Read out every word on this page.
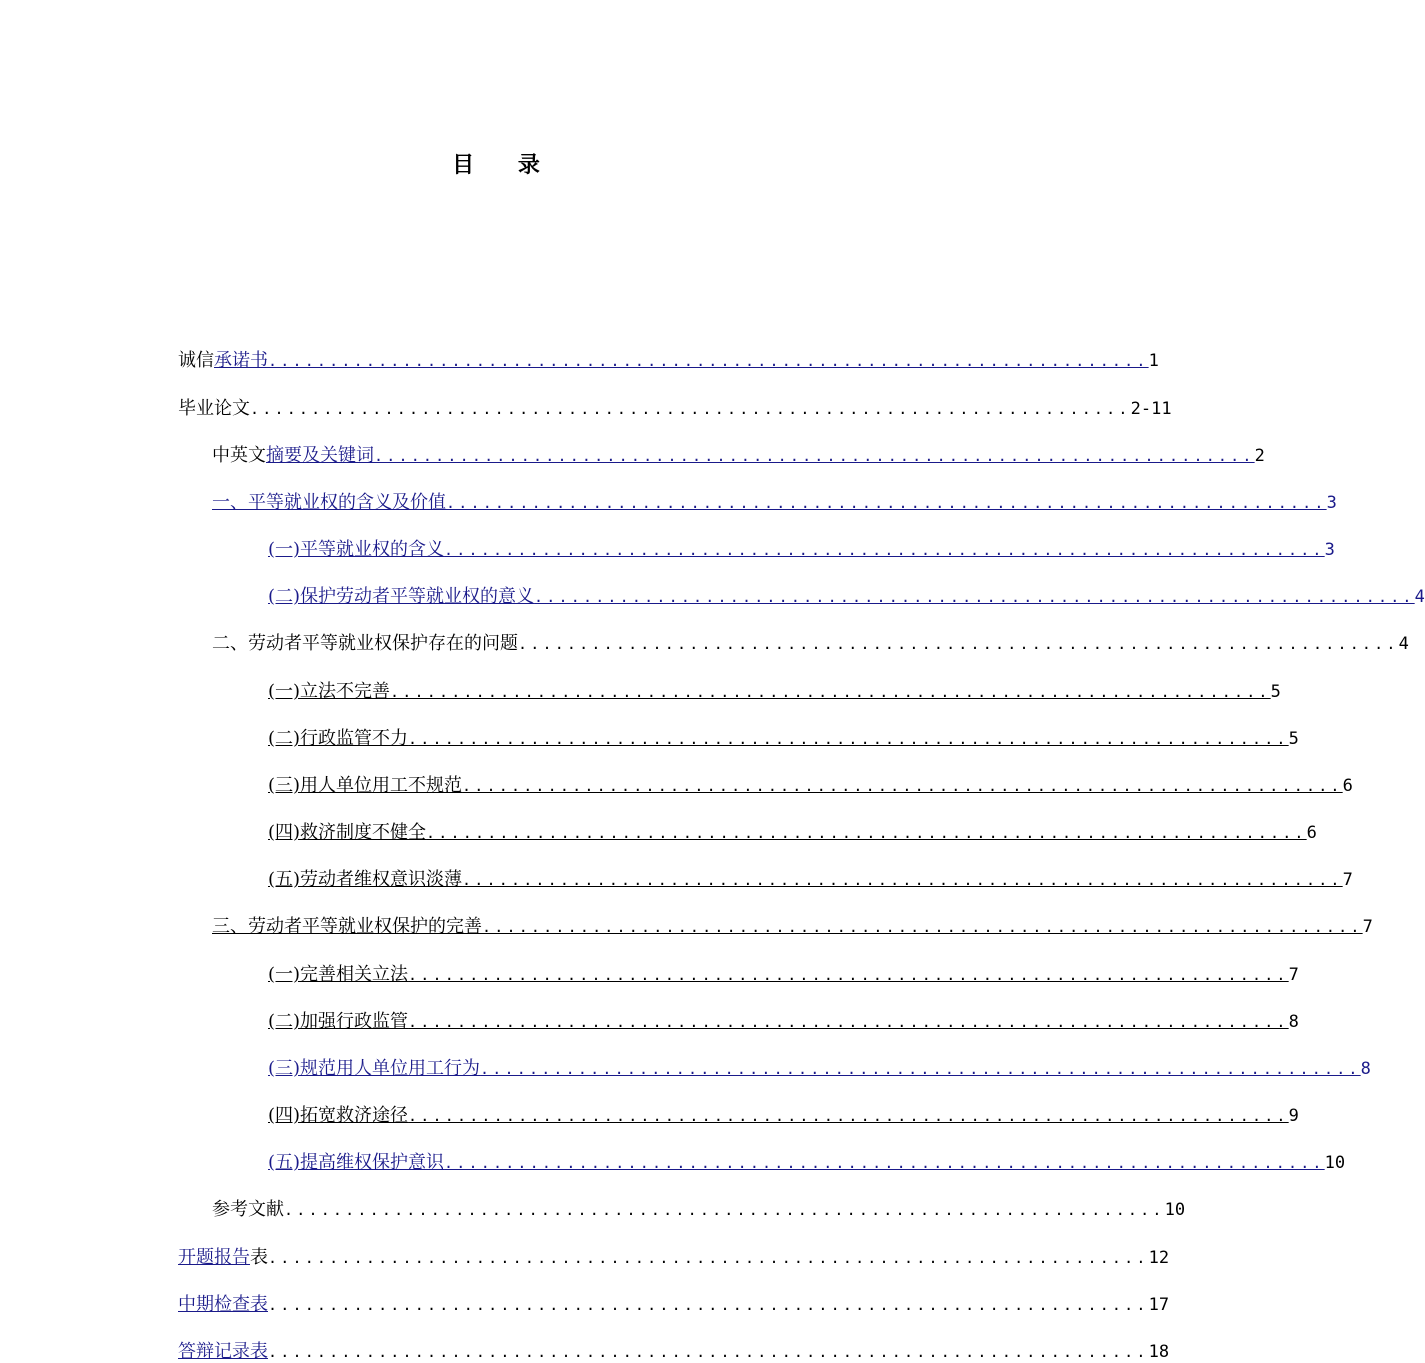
目 录
诚信 承诺书 ........................................................................ 1
毕业论文 ........................................................................ 2-11
中英文 摘要及关键词 ........................................................................ 2
一、平等就业权的含义及价值 ........................................................................ 3
(一)平等就业权的含义 ........................................................................ 3
(二)保护劳动者平等就业权的意义 ........................................................................ 4
二、劳动者平等就业权保护存在的问题 ........................................................................ 4
(一)立法不完善 ........................................................................ 5
(二)行政监管不力 ........................................................................ 5
(三)用人单位用工不规范 ........................................................................ 6
(四)救济制度不健全 ........................................................................ 6
(五)劳动者维权意识淡薄 ........................................................................ 7
三、劳动者平等就业权保护的完善 ........................................................................ 7
(一)完善相关立法 ........................................................................ 7
(二)加强行政监管 ........................................................................ 8
(三)规范用人单位用工行为 ........................................................................ 8
(四)拓宽救济途径 ........................................................................ 9
(五)提高维权保护意识 ........................................................................ 10
参考文献 ........................................................................ 10
开题报告 表 ........................................................................ 12
中期检查表 ........................................................................ 17
答辩记录表 ........................................................................ 18
